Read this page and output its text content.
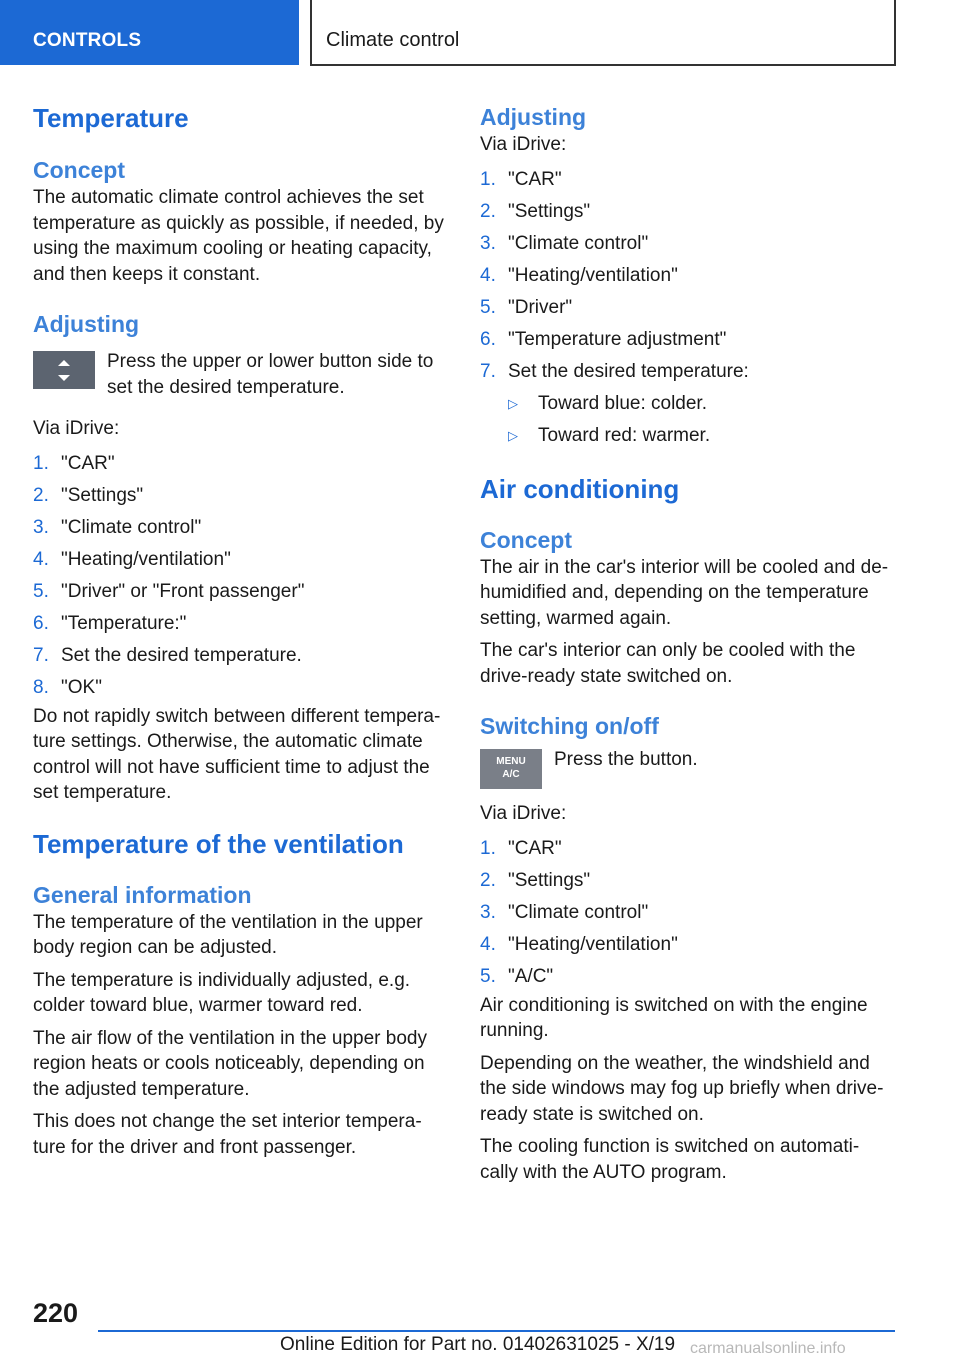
CONTROLS	Climate control
Temperature
Concept

The automatic climate control achieves the set temperature as quickly as possible, if needed, by using the maximum cooling or heating capacity, and then keeps it constant.

Adjusting

Press the upper or lower button side to set the desired temperature.

Via iDrive:

1. "CAR"
2. "Settings"
3. "Climate control"
4. "Heating/ventilation"
5. "Driver" or "Front passenger"
6. "Temperature:"
7. Set the desired temperature.
8. "OK"

Do not rapidly switch between different tempera-ture settings. Otherwise, the automatic climate control will not have sufficient time to adjust the set temperature.

Temperature of the ventilation
General information

The temperature of the ventilation in the upper body region can be adjusted.

The temperature is individually adjusted, e.g. colder toward blue, warmer toward red.

The air flow of the ventilation in the upper body region heats or cools noticeably, depending on the adjusted temperature.

This does not change the set interior tempera-ture for the driver and front passenger.

Adjusting

Via iDrive:

1. "CAR"
2. "Settings"
3. "Climate control"
4. "Heating/ventilation"
5. "Driver"
6. "Temperature adjustment"
7. Set the desired temperature:
▷	Toward blue: colder.
▷	Toward red: warmer.
Air conditioning
Concept

The air in the car's interior will be cooled and de-humidified and, depending on the temperature setting, warmed again.

The car's interior can only be cooled with the drive-ready state switched on.

Switching on/off
MENU
A/C

Press the button.

Via iDrive:

1. "CAR"
2. "Settings"
3. "Climate control"
4. "Heating/ventilation"
5. "A/C"

Air conditioning is switched on with the engine running.

Depending on the weather, the windshield and the side windows may fog up briefly when drive-ready state is switched on.

The cooling function is switched on automati-cally with the AUTO program.

220
Online Edition for Part no. 01402631025 - X/19 carmanualsonline.info
